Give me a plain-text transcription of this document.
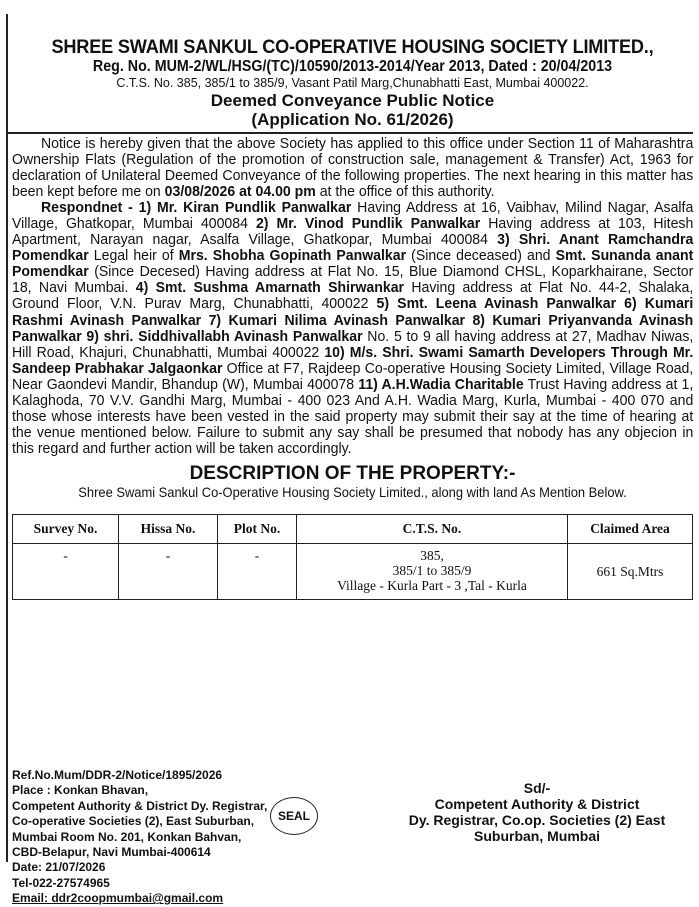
SHREE SWAMI SANKUL CO-OPERATIVE HOUSING SOCIETY LIMITED.,
Reg. No. MUM-2/WL/HSG/(TC)/10590/2013-2014/Year 2013, Dated : 20/04/2013
C.T.S. No. 385, 385/1 to 385/9, Vasant Patil Marg,Chunabhatti East, Mumbai 400022.
Deemed Conveyance Public Notice
(Application No. 61/2026)

Notice is hereby given that the above Society has applied to this office under Section 11 of Maharashtra Ownership Flats (Regulation of the promotion of construction sale, management & Transfer) Act, 1963 for declaration of Unilateral Deemed Conveyance of the following properties. The next hearing in this matter has been kept before me on 03/08/2026 at 04.00 pm at the office of this authority.

Respondnet - 1) Mr. Kiran Pundlik Panwalkar Having Address at 16, Vaibhav, Milind Nagar, Asalfa Village, Ghatkopar, Mumbai 400084 2) Mr. Vinod Pundlik Panwalkar Having address at 103, Hitesh Apartment, Narayan nagar, Asalfa Village, Ghatkopar, Mumbai 400084 3) Shri. Anant Ramchandra Pomendkar Legal heir of Mrs. Shobha Gopinath Panwalkar (Since deceased) and Smt. Sunanda anant Pomendkar (Since Decesed) Having address at Flat No. 15, Blue Diamond CHSL, Koparkhairane, Sector 18, Navi Mumbai. 4) Smt. Sushma Amarnath Shirwankar Having address at Flat No. 44-2, Shalaka, Ground Floor, V.N. Purav Marg, Chunabhatti, 400022 5) Smt. Leena Avinash Panwalkar 6) Kumari Rashmi Avinash Panwalkar 7) Kumari Nilima Avinash Panwalkar 8) Kumari Priyanvanda Avinash Panwalkar 9) shri. Siddhivallabh Avinash Panwalkar No. 5 to 9 all having address at 27, Madhav Niwas, Hill Road, Khajuri, Chunabhatti, Mumbai 400022 10) M/s. Shri. Swami Samarth Developers Through Mr. Sandeep Prabhakar Jalgaonkar Office at F7, Rajdeep Co-operative Housing Society Limited, Village Road, Near Gaondevi Mandir, Bhandup (W), Mumbai 400078 11) A.H.Wadia Charitable Trust Having address at 1, Kalaghoda, 70 V.V. Gandhi Marg, Mumbai - 400 023 And A.H. Wadia Marg, Kurla, Mumbai - 400 070 and those whose interests have been vested in the said property may submit their say at the time of hearing at the venue mentioned below. Failure to submit any say shall be presumed that nobody has any objecion in this regard and further action will be taken accordingly.

DESCRIPTION OF THE PROPERTY:-
Shree Swami Sankul Co-Operative Housing Society Limited., along with land As Mention Below.
Survey No.	Hissa No.	Plot No.	C.T.S. No.	Claimed Area
-	-	-	385,
385/1 to 385/9
Village - Kurla Part - 3 ,Tal - Kurla	661 Sq.Mtrs
Ref.No.Mum/DDR-2/Notice/1895/2026
Place : Konkan Bhavan,
Competent Authority & District Dy. Registrar,
Co-operative Societies (2), East Suburban,
Mumbai Room No. 201, Konkan Bahvan,
CBD-Belapur, Navi Mumbai-400614
Date: 21/07/2026
Tel-022-27574965
Email: ddr2coopmumbai@gmail.com
SEAL
Sd/-
Competent Authority & District
Dy. Registrar, Co.op. Societies (2) East
Suburban, Mumbai
